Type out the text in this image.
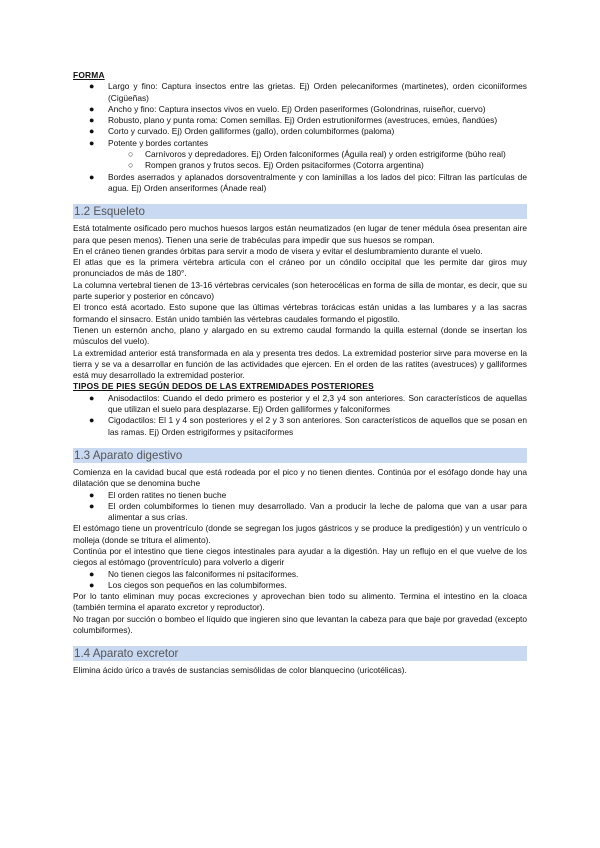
FORMA
● Largo y fino: Captura insectos entre las grietas. Ej) Orden pelecaniformes (martinetes), orden ciconiiformes (Cigüeñas)
● Ancho y fino: Captura insectos vivos en vuelo. Ej) Orden paseriformes (Golondrinas, ruiseñor, cuervo)
● Robusto, plano y punta roma: Comen semillas. Ej) Orden estrutioniformes (avestruces, emúes, ñandúes)
● Corto y curvado. Ej) Orden galliformes (gallo), orden columbiformes (paloma)
● Potente y bordes cortantes
○ Carnívoros y depredadores. Ej) Orden falconiformes (Águila real) y orden estrigiforme (búho real)
○ Rompen granos y frutos secos. Ej) Orden psitaciformes (Cotorra argentina)
● Bordes aserrados y aplanados dorsoventralmente y con laminillas a los lados del pico: Filtran las partículas de agua. Ej) Orden anseriformes (Ánade real)
1.2 Esqueleto

Está totalmente osificado pero muchos huesos largos están neumatizados (en lugar de tener médula ósea presentan aire para que pesen menos). Tienen una serie de trabéculas para impedir que sus huesos se rompan.

En el cráneo tienen grandes órbitas para servir a modo de visera y evitar el deslumbramiento durante el vuelo.

El atlas que es la primera vértebra articula con el cráneo por un cóndilo occipital que les permite dar giros muy pronunciados de más de 180°.

La columna vertebral tienen de 13-16 vértebras cervicales (son heterocélicas en forma de silla de montar, es decir, que su parte superior y posterior en cóncavo)

El tronco está acortado. Esto supone que las últimas vértebras torácicas están unidas a las lumbares y a las sacras formando el sinsacro. Están unido también las vértebras caudales formando el pigostilo.

Tienen un esternón ancho, plano y alargado en su extremo caudal formando la quilla esternal (donde se insertan los músculos del vuelo).

La extremidad anterior está transformada en ala y presenta tres dedos. La extremidad posterior sirve para moverse en la tierra y se va a desarrollar en función de las actividades que ejercen. En el orden de las ratites (avestruces) y galliformes está muy desarrollado la extremidad posterior.

TIPOS DE PIES SEGÚN DEDOS DE LAS EXTREMIDADES POSTERIORES
● Anisodactilos: Cuando el dedo primero es posterior y el 2,3 y4 son anteriores. Son característicos de aquellas que utilizan el suelo para desplazarse. Ej) Orden galliformes y falconiformes
● Cigodactilos: El 1 y 4 son posteriores y el 2 y 3 son anteriores. Son característicos de aquellos que se posan en las ramas. Ej) Orden estrigiformes y psitaciformes
1.3 Aparato digestivo

Comienza en la cavidad bucal que está rodeada por el pico y no tienen dientes. Continúa por el esófago donde hay una dilatación que se denomina buche

● El orden ratites no tienen buche
● El orden columbiformes lo tienen muy desarrollado. Van a producir la leche de paloma que van a usar para alimentar a sus crías.

El estómago tiene un proventrículo (donde se segregan los jugos gástricos y se produce la predigestión) y un ventrículo o molleja (donde se tritura el alimento).

Continúa por el intestino que tiene ciegos intestinales para ayudar a la digestión. Hay un reflujo en el que vuelve de los ciegos al estómago (proventrículo) para volverlo a digerir

● No tienen ciegos las falconiformes ni psitaciformes.
● Los ciegos son pequeños en las columbiformes.

Por lo tanto eliminan muy pocas excreciones y aprovechan bien todo su alimento. Termina el intestino en la cloaca (también termina el aparato excretor y reproductor).

No tragan por succión o bombeo el líquido que ingieren sino que levantan la cabeza para que baje por gravedad (excepto columbiformes).

1.4 Aparato excretor

Elimina ácido úrico a través de sustancias semisólidas de color blanquecino (uricotélicas).
